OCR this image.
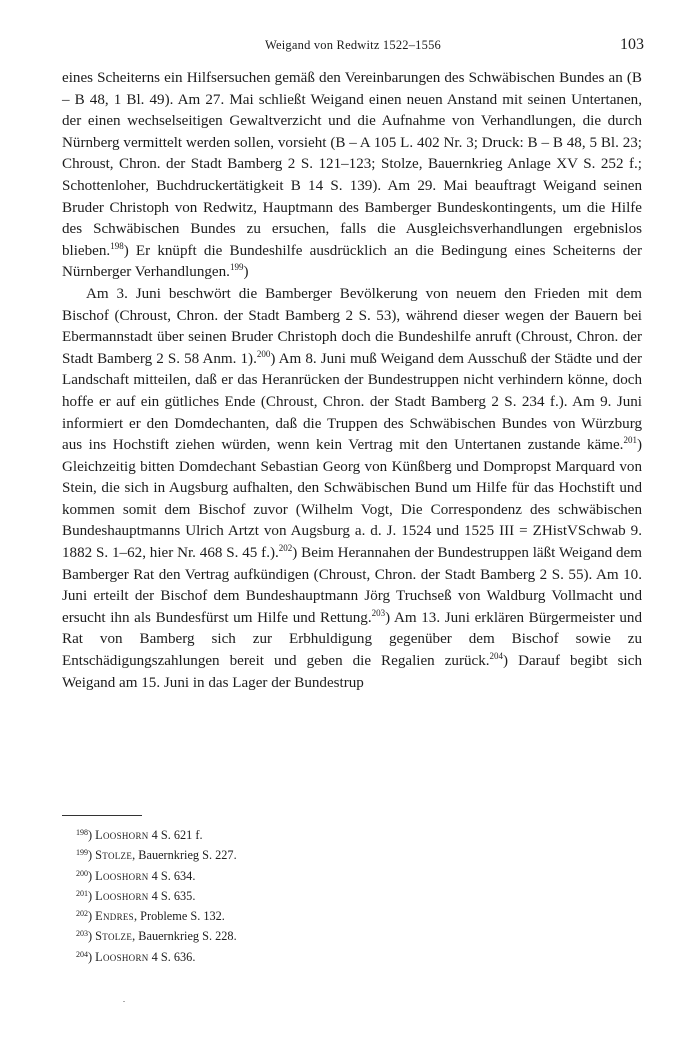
Weigand von Redwitz 1522–1556	103

eines Scheiterns ein Hilfsersuchen gemäß den Vereinbarungen des Schwäbischen Bundes an (B – B 48, 1 Bl. 49). Am 27. Mai schließt Weigand einen neuen Anstand mit seinen Untertanen, der einen wechselseitigen Gewaltverzicht und die Aufnahme von Verhandlungen, die durch Nürnberg vermittelt werden sollen, vorsieht (B – A 105 L. 402 Nr. 3; Druck: B – B 48, 5 Bl. 23; Chroust, Chron. der Stadt Bamberg 2 S. 121–123; Stolze, Bauernkrieg Anlage XV S. 252 f.; Schottenloher, Buchdruckertätigkeit B 14 S. 139). Am 29. Mai beauftragt Weigand seinen Bruder Christoph von Redwitz, Hauptmann des Bamberger Bundeskontingents, um die Hilfe des Schwäbischen Bundes zu ersuchen, falls die Ausgleichsverhandlungen ergebnislos blieben.$^{198}$) Er knüpft die Bundeshilfe ausdrücklich an die Bedingung eines Scheiterns der Nürnberger Verhandlungen.$^{199}$)

Am 3. Juni beschwört die Bamberger Bevölkerung von neuem den Frieden mit dem Bischof (Chroust, Chron. der Stadt Bamberg 2 S. 53), während dieser wegen der Bauern bei Ebermannstadt über seinen Bruder Christoph doch die Bundeshilfe anruft (Chroust, Chron. der Stadt Bamberg 2 S. 58 Anm. 1).$^{200}$) Am 8. Juni muß Weigand dem Ausschuß der Städte und der Landschaft mitteilen, daß er das Heranrücken der Bundestruppen nicht verhindern könne, doch hoffe er auf ein gütliches Ende (Chroust, Chron. der Stadt Bamberg 2 S. 234 f.). Am 9. Juni informiert er den Domdechanten, daß die Truppen des Schwäbischen Bundes von Würzburg aus ins Hochstift ziehen würden, wenn kein Vertrag mit den Untertanen zustande käme.$^{201}$) Gleichzeitig bitten Domdechant Sebastian Georg von Künßberg und Dompropst Marquard von Stein, die sich in Augsburg aufhalten, den Schwäbischen Bund um Hilfe für das Hochstift und kommen somit dem Bischof zuvor (Wilhelm Vogt, Die Correspondenz des schwäbischen Bundeshauptmanns Ulrich Artzt von Augsburg a. d. J. 1524 und 1525 III = ZHistVSchwab 9. 1882 S. 1–62, hier Nr. 468 S. 45 f.).$^{202}$) Beim Herannahen der Bundestruppen läßt Weigand dem Bamberger Rat den Vertrag aufkündigen (Chroust, Chron. der Stadt Bamberg 2 S. 55). Am 10. Juni erteilt der Bischof dem Bundeshauptmann Jörg Truchseß von Waldburg Vollmacht und ersucht ihn als Bundesfürst um Hilfe und Rettung.$^{203}$) Am 13. Juni erklären Bürgermeister und Rat von Bamberg sich zur Erbhuldigung gegenüber dem Bischof sowie zu Entschädigungszahlungen bereit und geben die Regalien zurück.$^{204}$) Darauf begibt sich Weigand am 15. Juni in das Lager der Bundestrup

$^{198}$) Looshorn 4 S. 621 f.
$^{199}$) Stolze, Bauernkrieg S. 227.
$^{200}$) Looshorn 4 S. 634.
$^{201}$) Looshorn 4 S. 635.
$^{202}$) Endres, Probleme S. 132.
$^{203}$) Stolze, Bauernkrieg S. 228.
$^{204}$) Looshorn 4 S. 636.
